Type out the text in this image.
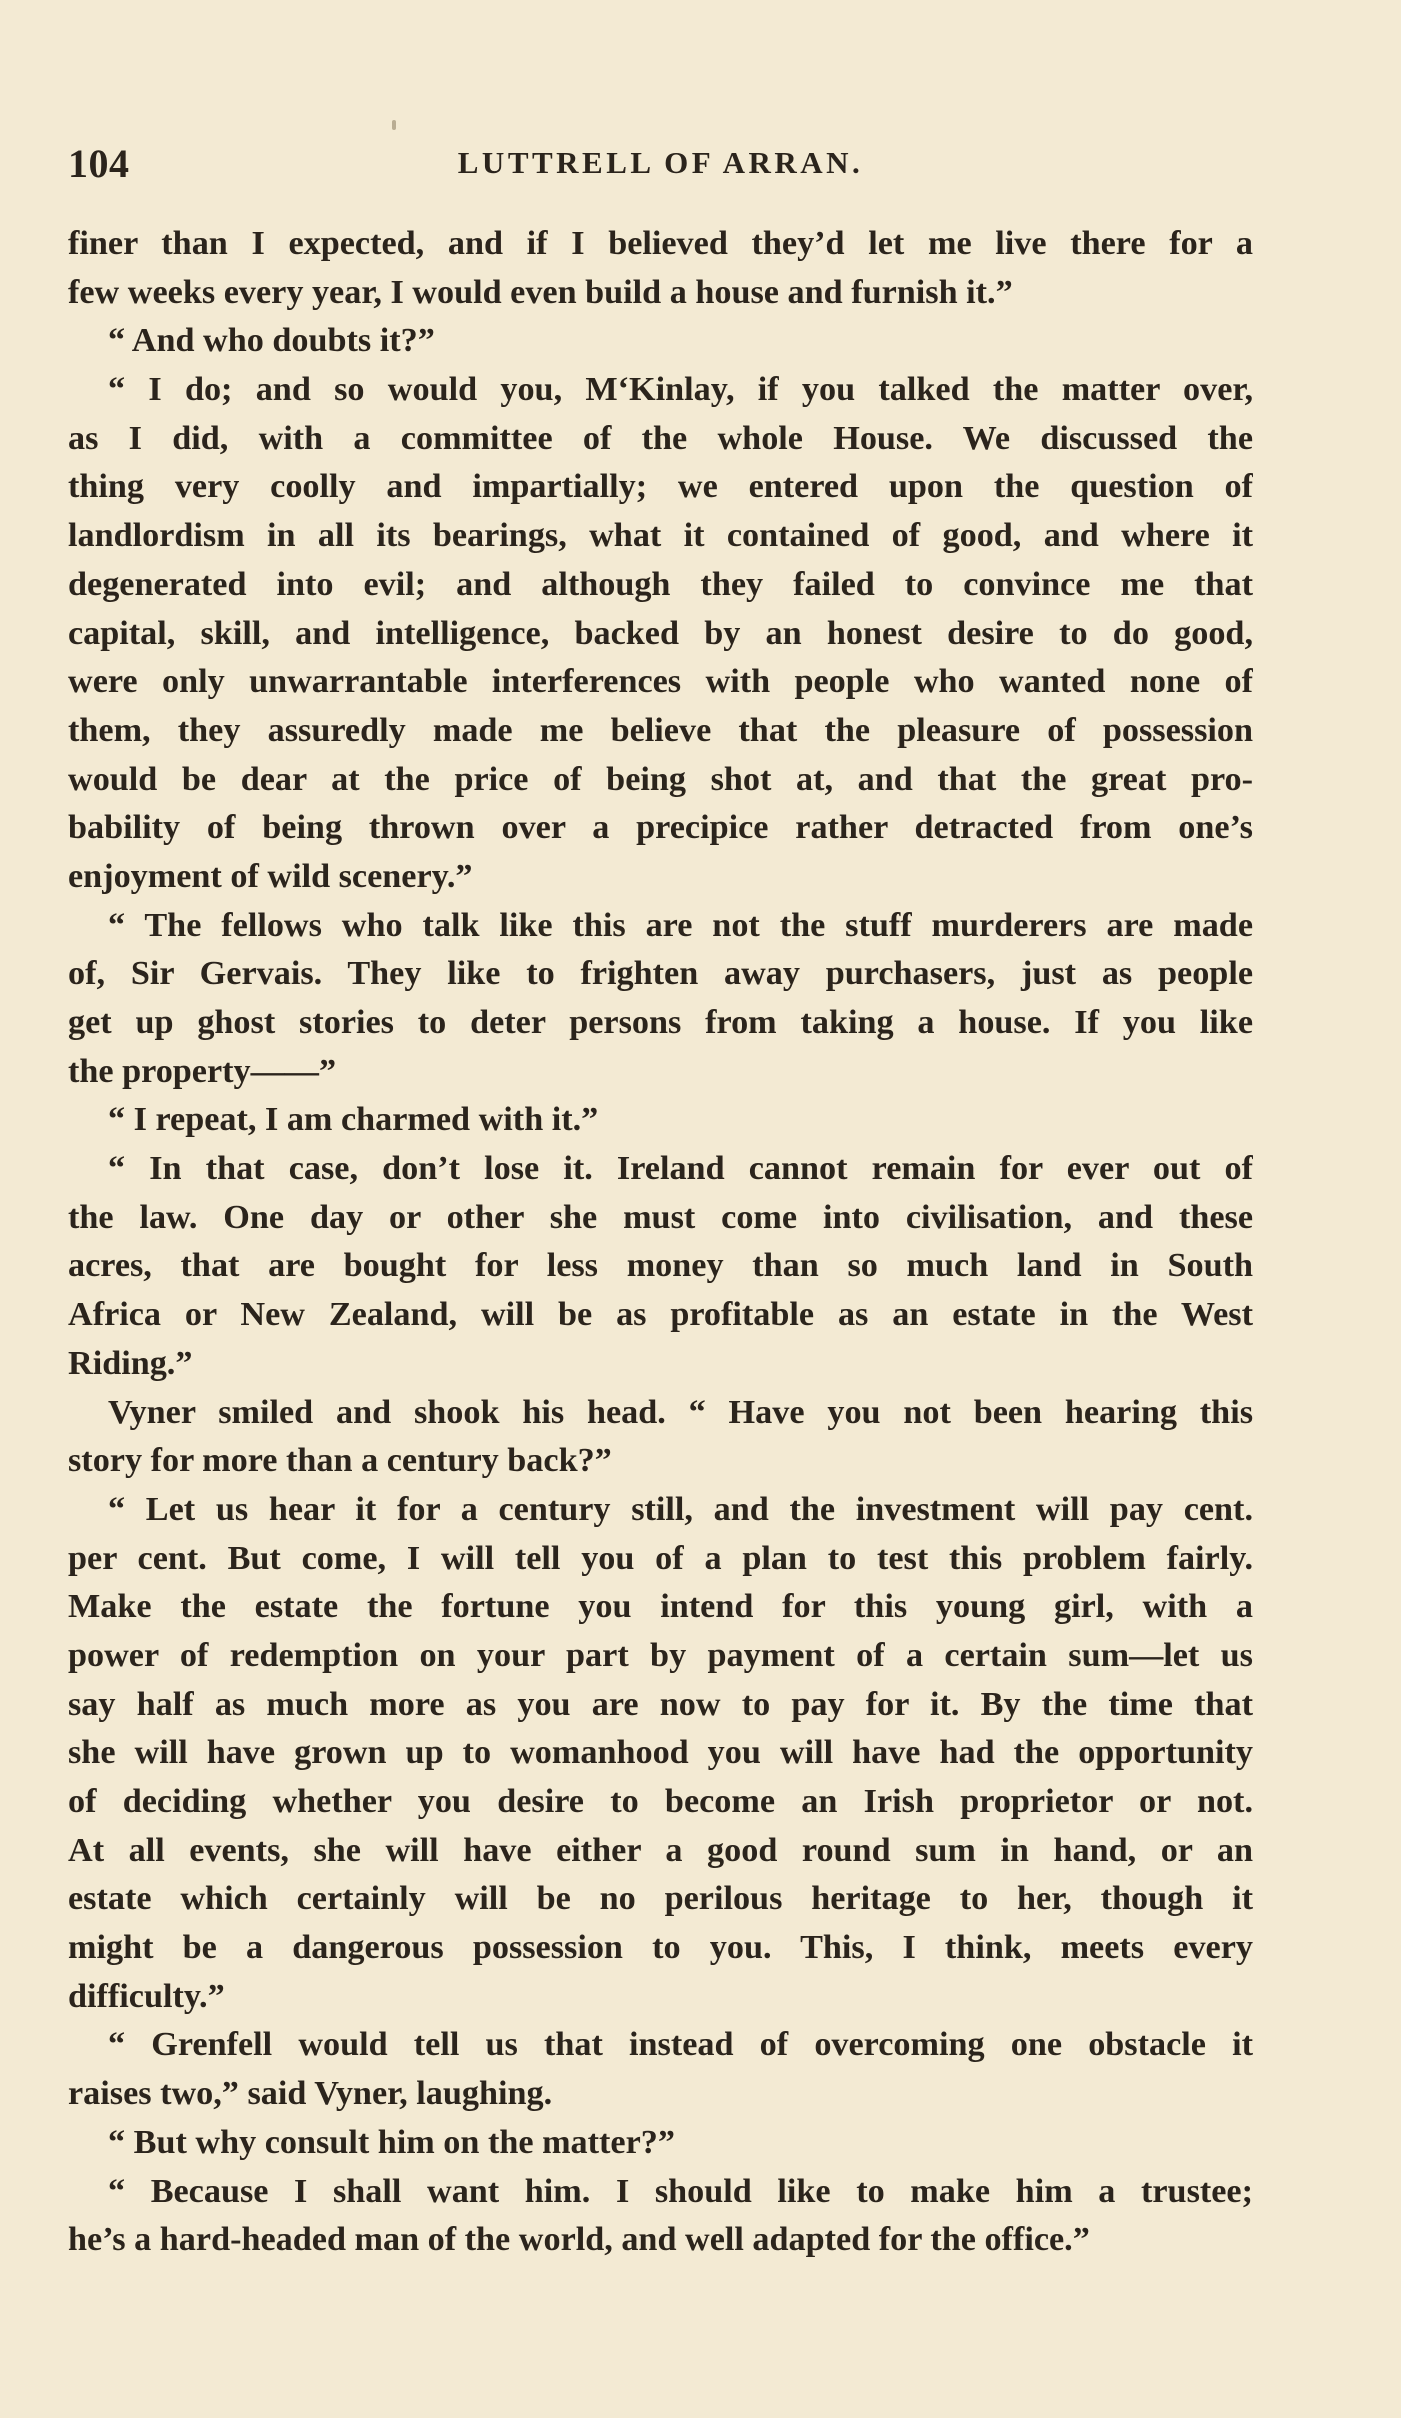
104	LUTTRELL OF ARRAN.
finer than I expected, and if I believed they’d let me live there for a
few weeks every year, I would even build a house and furnish it.”
“ And who doubts it?”
“ I do; and so would you, M‘Kinlay, if you talked the matter over,
as I did, with a committee of the whole House. We discussed the
thing very coolly and impartially; we entered upon the question of
landlordism in all its bearings, what it contained of good, and where it
degenerated into evil; and although they failed to convince me that
capital, skill, and intelligence, backed by an honest desire to do good,
were only unwarrantable interferences with people who wanted none of
them, they assuredly made me believe that the pleasure of possession
would be dear at the price of being shot at, and that the great pro-
bability of being thrown over a precipice rather detracted from one’s
enjoyment of wild scenery.”
“ The fellows who talk like this are not the stuff murderers are made
of, Sir Gervais. They like to frighten away purchasers, just as people
get up ghost stories to deter persons from taking a house. If you like
the property——”
“ I repeat, I am charmed with it.”
“ In that case, don’t lose it. Ireland cannot remain for ever out of
the law. One day or other she must come into civilisation, and these
acres, that are bought for less money than so much land in South
Africa or New Zealand, will be as profitable as an estate in the West
Riding.”
Vyner smiled and shook his head. “ Have you not been hearing this
story for more than a century back?”
“ Let us hear it for a century still, and the investment will pay cent.
per cent. But come, I will tell you of a plan to test this problem fairly.
Make the estate the fortune you intend for this young girl, with a
power of redemption on your part by payment of a certain sum—let us
say half as much more as you are now to pay for it. By the time that
she will have grown up to womanhood you will have had the opportunity
of deciding whether you desire to become an Irish proprietor or not.
At all events, she will have either a good round sum in hand, or an
estate which certainly will be no perilous heritage to her, though it
might be a dangerous possession to you. This, I think, meets every
difficulty.”
“ Grenfell would tell us that instead of overcoming one obstacle it
raises two,” said Vyner, laughing.
“ But why consult him on the matter?”
“ Because I shall want him. I should like to make him a trustee;
he’s a hard-headed man of the world, and well adapted for the office.”
